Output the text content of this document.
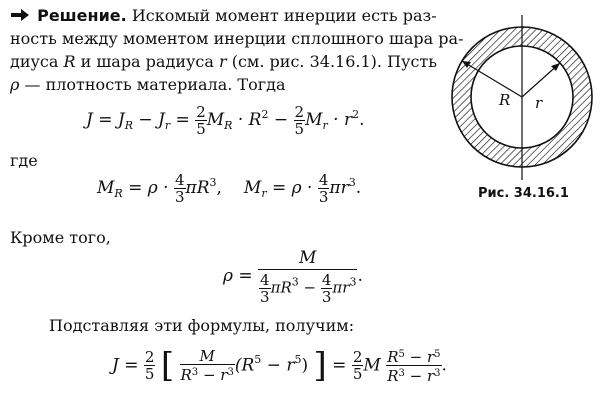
Решение. Искомый момент инерции есть раз-
ность между моментом инерции сплошного шара ра-
диуса R и шара радиуса r (см. рис. 34.16.1). Пусть
ρ — плотность материала. Тогда
$J = J_R - J_r = \frac{2}{5} M_R \cdot R^2 - \frac{2}{5} M_r \cdot r^2$.
где
$M_R = \rho \cdot \frac{4}{3} \pi R^3$, $M_r = \rho \cdot \frac{4}{3} \pi r^3$.
Кроме того,
$\rho = \frac{M}{\frac{4}{3} \pi R^3 - \frac{4}{3} \pi r^3}$ .
Подставляя эти формулы, получим:
$J = \frac{2}{5}$ [ $\frac{M}{R^3 - r^3} (R^5 - r^5)$ ] = $\frac{2}{5}$ M $\frac{R^5 - r^5}{R^3 - r^3}$ .
R r
Рис. 34.16.1
